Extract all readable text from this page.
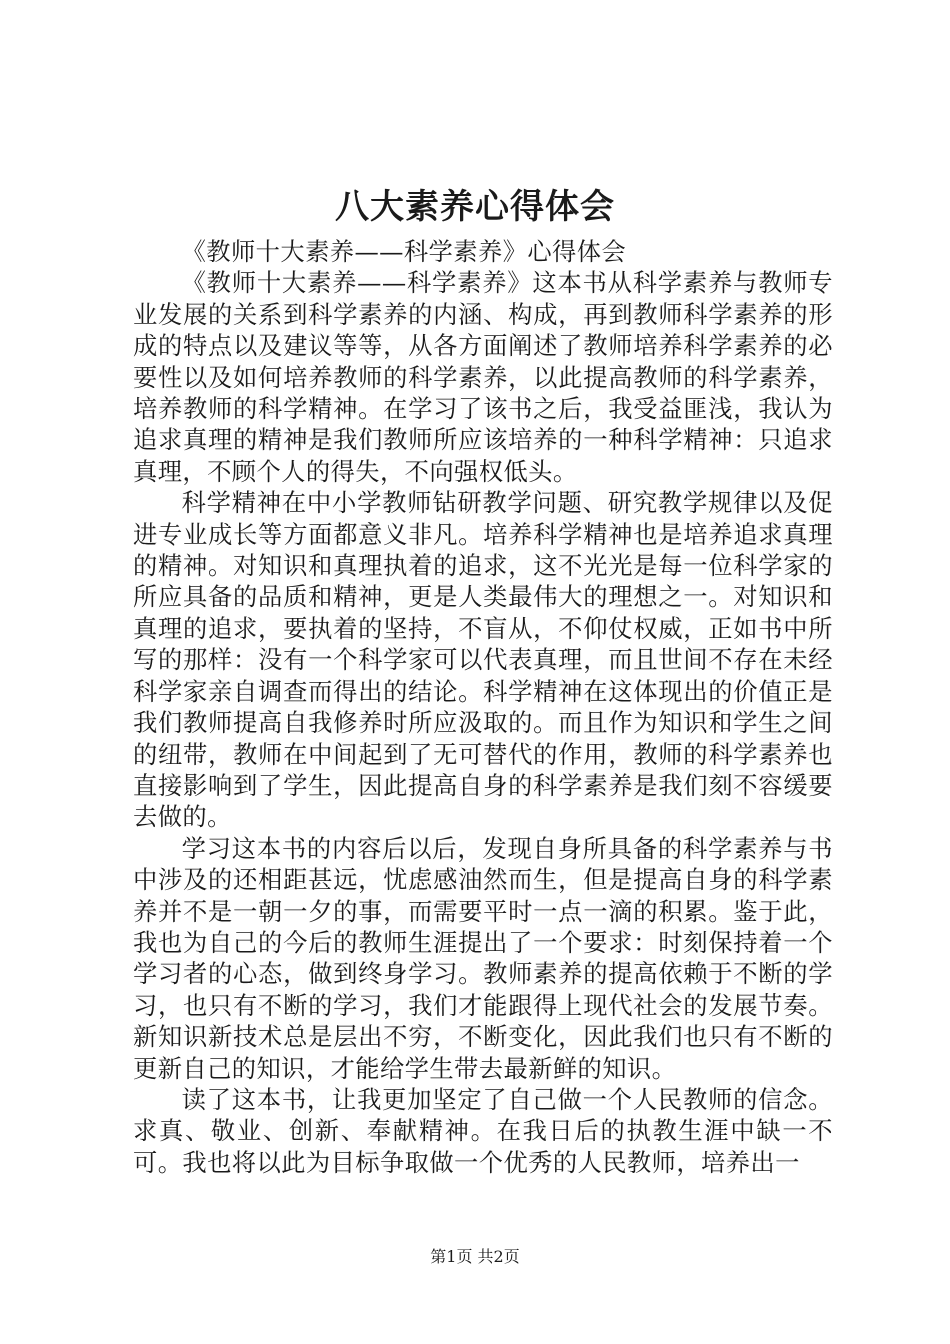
八大素养心得体会

《教师十大素养——科学素养》心得体会

《教师十大素养——科学素养》这本书从科学素养与教师专业发展的关系到科学素养的内涵、构成，再到教师科学素养的形成的特点以及建议等等，从各方面阐述了教师培养科学素养的必要性以及如何培养教师的科学素养，以此提高教师的科学素养，培养教师的科学精神。在学习了该书之后，我受益匪浅，我认为追求真理的精神是我们教师所应该培养的一种科学精神：只追求真理，不顾个人的得失，不向强权低头。

科学精神在中小学教师钻研教学问题、研究教学规律以及促进专业成长等方面都意义非凡。培养科学精神也是培养追求真理的精神。对知识和真理执着的追求，这不光光是每一位科学家的所应具备的品质和精神，更是人类最伟大的理想之一。对知识和真理的追求，要执着的坚持，不盲从，不仰仗权威，正如书中所写的那样：没有一个科学家可以代表真理，而且世间不存在未经科学家亲自调查而得出的结论。科学精神在这体现出的价值正是我们教师提高自我修养时所应汲取的。而且作为知识和学生之间的纽带，教师在中间起到了无可替代的作用，教师的科学素养也直接影响到了学生，因此提高自身的科学素养是我们刻不容缓要去做的。

学习这本书的内容后以后，发现自身所具备的科学素养与书中涉及的还相距甚远，忧虑感油然而生，但是提高自身的科学素养并不是一朝一夕的事，而需要平时一点一滴的积累。鉴于此，我也为自己的今后的教师生涯提出了一个要求：时刻保持着一个学习者的心态，做到终身学习。教师素养的提高依赖于不断的学习，也只有不断的学习，我们才能跟得上现代社会的发展节奏。新知识新技术总是层出不穷，不断变化，因此我们也只有不断的更新自己的知识，才能给学生带去最新鲜的知识。

读了这本书，让我更加坚定了自己做一个人民教师的信念。求真、敬业、创新、奉献精神。在我日后的执教生涯中缺一不可。我也将以此为目标争取做一个优秀的人民教师，培养出一

第1页 共2页
